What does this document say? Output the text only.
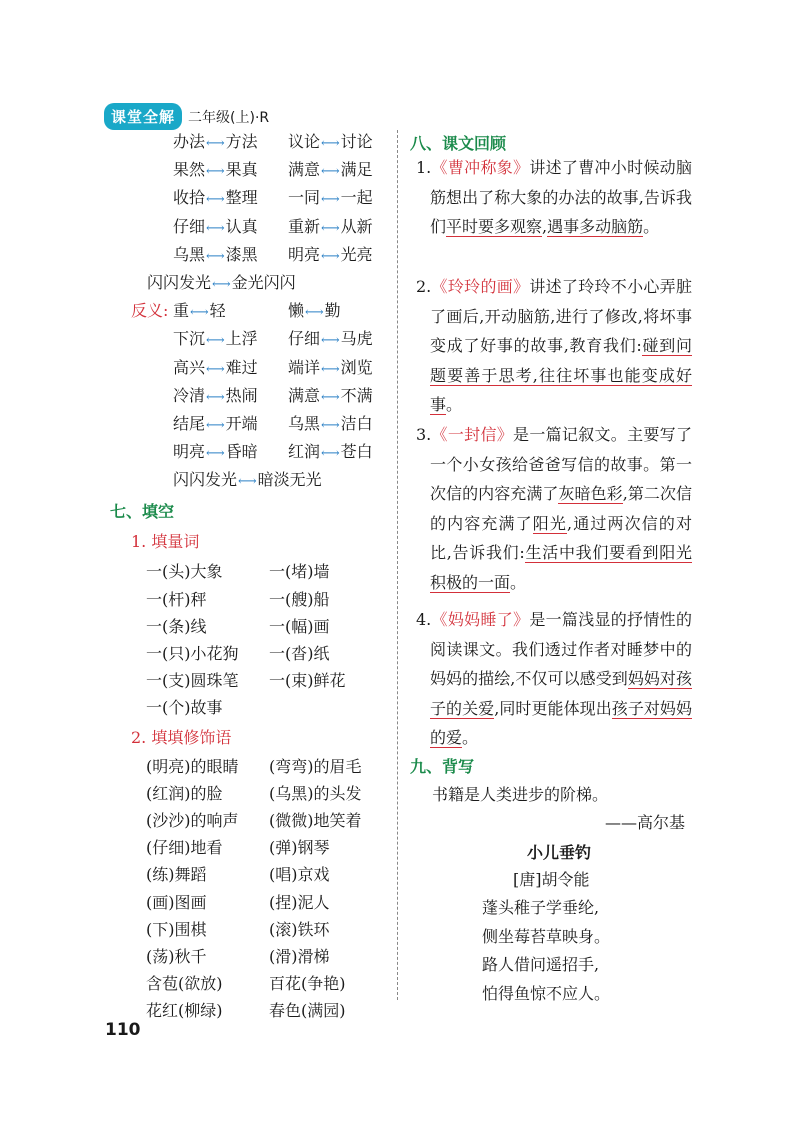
课堂全解 二年级(上)·R
办法⟷方法 议论⟷讨论
果然⟷果真 满意⟷满足
收拾⟷整理 一同⟷一起
仔细⟷认真 重新⟷从新
乌黑⟷漆黑 明亮⟷光亮
闪闪发光⟷金光闪闪
反义: 重⟷轻	懒⟷勤
下沉⟷上浮 仔细⟷马虎
高兴⟷难过 端详⟷浏览
冷清⟷热闹 满意⟷不满
结尾⟷开端 乌黑⟷洁白
明亮⟷昏暗 红润⟷苍白
闪闪发光⟷暗淡无光
七、填空
1. 填量词
一(头)大象	一(堵)墙
一(杆)秤	一(艘)船
一(条)线	一(幅)画
一(只)小花狗 一(沓)纸
一(支)圆珠笔 一(束)鲜花
一(个)故事
2. 填填修饰语
(明亮)的眼睛 (弯弯)的眉毛
(红润)的脸	(乌黑)的头发
(沙沙)的响声 (微微)地笑着
(仔细)地看	(弹)钢琴
(练)舞蹈	(唱)京戏
(画)图画	(捏)泥人
(下)围棋	(滚)铁环
(荡)秋千	(滑)滑梯
含苞(欲放)	百花(争艳)
花红(柳绿)	春色(满园)
八、课文回顾
1.《曹冲称象》讲述了曹冲小时候动脑筋想出了称大象的办法的故事,告诉我们平时要多观察,遇事多动脑筋。
2.《玲玲的画》讲述了玲玲不小心弄脏了画后,开动脑筋,进行了修改,将坏事变成了好事的故事,教育我们:碰到问题要善于思考,往往坏事也能变成好事。
3.《一封信》是一篇记叙文。主要写了一个小女孩给爸爸写信的故事。第一次信的内容充满了灰暗色彩,第二次信的内容充满了阳光,通过两次信的对比,告诉我们:生活中我们要看到阳光积极的一面。
4.《妈妈睡了》是一篇浅显的抒情性的阅读课文。我们透过作者对睡梦中的妈妈的描绘,不仅可以感受到妈妈对孩子的关爱,同时更能体现出孩子对妈妈的爱。
九、背写
书籍是人类进步的阶梯。
——高尔基
小儿垂钓
[唐]胡令能
蓬头稚子学垂纶,
侧坐莓苔草映身。
路人借问遥招手,
怕得鱼惊不应人。
110
